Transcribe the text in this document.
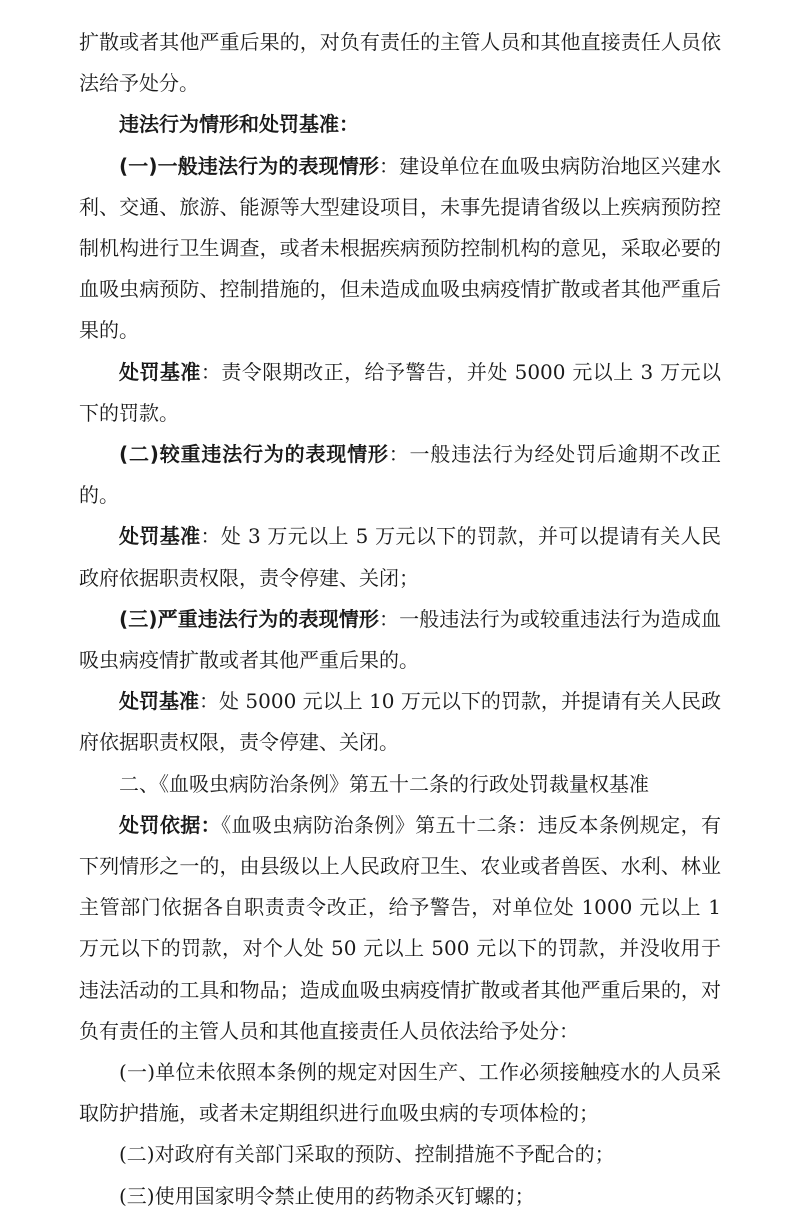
扩散或者其他严重后果的，对负有责任的主管人员和其他直接责任人员依法给予处分。

违法行为情形和处罚基准：

(一)一般违法行为的表现情形：建设单位在血吸虫病防治地区兴建水利、交通、旅游、能源等大型建设项目，未事先提请省级以上疾病预防控制机构进行卫生调查，或者未根据疾病预防控制机构的意见，采取必要的血吸虫病预防、控制措施的，但未造成血吸虫病疫情扩散或者其他严重后果的。

处罚基准：责令限期改正，给予警告，并处 5000 元以上 3 万元以下的罚款。

(二)较重违法行为的表现情形：一般违法行为经处罚后逾期不改正的。

处罚基准：处 3 万元以上 5 万元以下的罚款，并可以提请有关人民政府依据职责权限，责令停建、关闭；

(三)严重违法行为的表现情形：一般违法行为或较重违法行为造成血吸虫病疫情扩散或者其他严重后果的。

处罚基准：处 5000 元以上 10 万元以下的罚款，并提请有关人民政府依据职责权限，责令停建、关闭。

二、《血吸虫病防治条例》第五十二条的行政处罚裁量权基准

处罚依据：《血吸虫病防治条例》第五十二条：违反本条例规定，有下列情形之一的，由县级以上人民政府卫生、农业或者兽医、水利、林业主管部门依据各自职责责令改正，给予警告，对单位处 1000 元以上 1 万元以下的罚款，对个人处 50 元以上 500 元以下的罚款，并没收用于违法活动的工具和物品；造成血吸虫病疫情扩散或者其他严重后果的，对负有责任的主管人员和其他直接责任人员依法给予处分：

(一)单位未依照本条例的规定对因生产、工作必须接触疫水的人员采取防护措施，或者未定期组织进行血吸虫病的专项体检的；

(二)对政府有关部门采取的预防、控制措施不予配合的；

(三)使用国家明令禁止使用的药物杀灭钉螺的；
